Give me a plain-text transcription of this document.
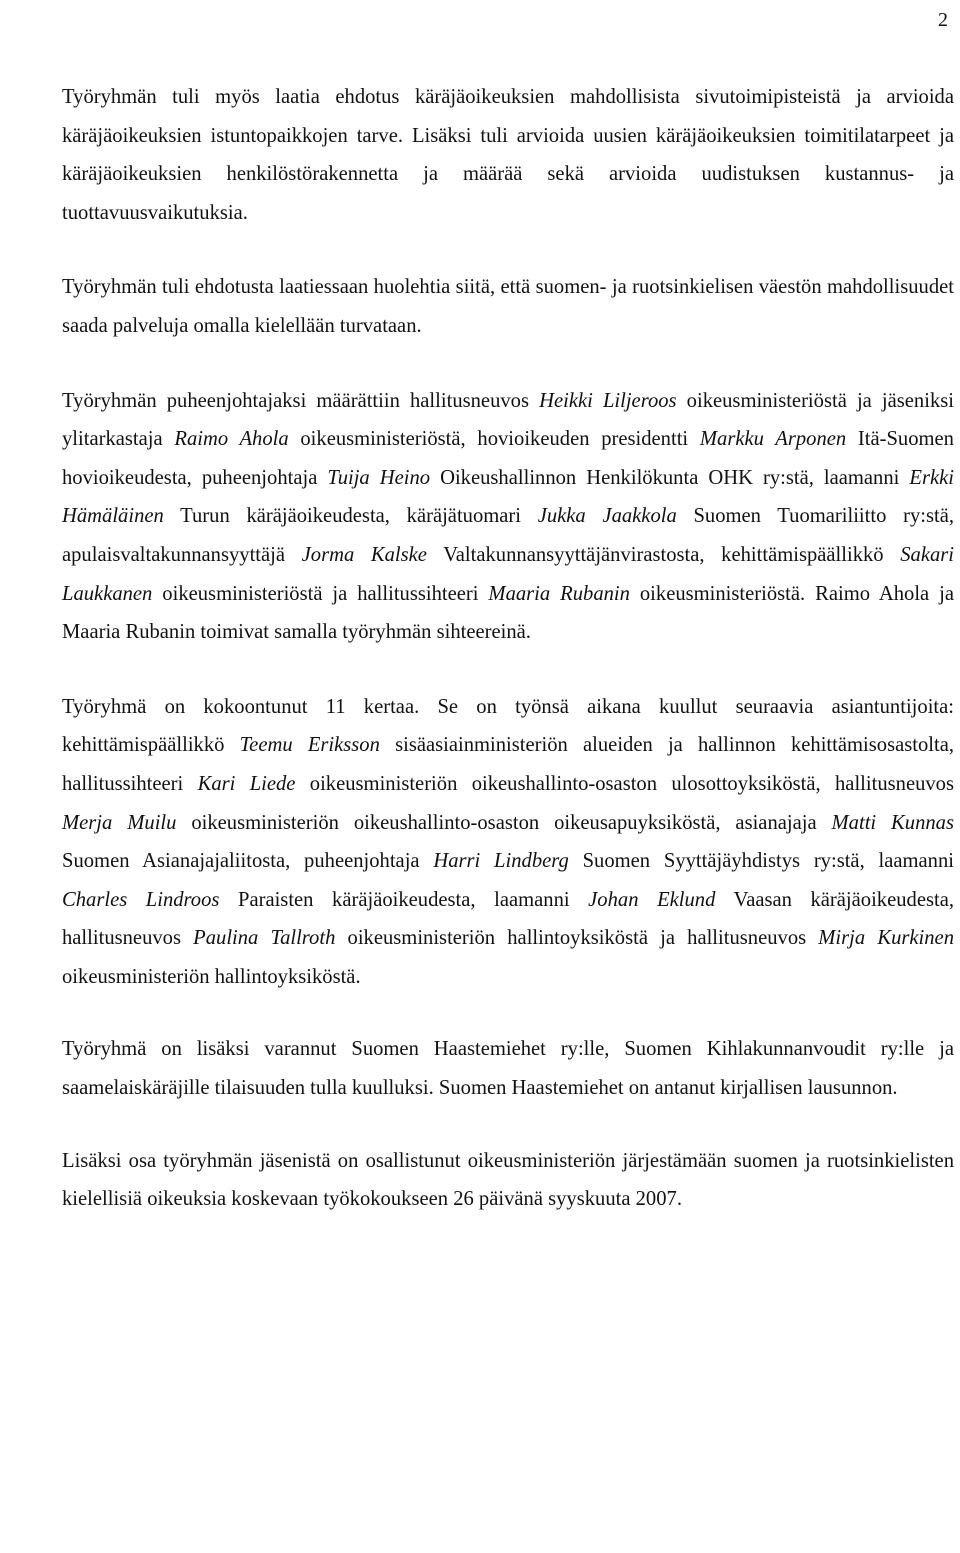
2

Työryhmän tuli myös laatia ehdotus käräjäoikeuksien mahdollisista sivutoimipisteistä ja arvioida käräjäoikeuksien istuntopaikkojen tarve. Lisäksi tuli arvioida uusien käräjäoikeuksien toimitilatarpeet ja käräjäoikeuksien henkilöstörakennetta ja määrää sekä arvioida uudistuksen kustannus- ja tuottavuusvaikutuksia.

Työryhmän tuli ehdotusta laatiessaan huolehtia siitä, että suomen- ja ruotsinkielisen väestön mahdollisuudet saada palveluja omalla kielellään turvataan.

Työryhmän puheenjohtajaksi määrättiin hallitusneuvos Heikki Liljeroos oikeusministeriöstä ja jäseniksi ylitarkastaja Raimo Ahola oikeusministeriöstä, hovioikeuden presidentti Markku Arponen Itä-Suomen hovioikeudesta, puheenjohtaja Tuija Heino Oikeushallinnon Henkilökunta OHK ry:stä, laamanni Erkki Hämäläinen Turun käräjäoikeudesta, käräjätuomari Jukka Jaakkola Suomen Tuomariliitto ry:stä, apulaisvaltakunnansyyttäjä Jorma Kalske Valtakunnansyyttäjänvirastosta, kehittämispäällikkö Sakari Laukkanen oikeusministeriöstä ja hallitussihteeri Maaria Rubanin oikeusministeriöstä. Raimo Ahola ja Maaria Rubanin toimivat samalla työryhmän sihteereinä.

Työryhmä on kokoontunut 11 kertaa. Se on työnsä aikana kuullut seuraavia asiantuntijoita: kehittämispäällikkö Teemu Eriksson sisäasiainministeriön alueiden ja hallinnon kehittämisosastolta, hallitussihteeri Kari Liede oikeusministeriön oikeushallinto-osaston ulosottoyksiköstä, hallitusneuvos Merja Muilu oikeusministeriön oikeushallinto-osaston oikeusapuyksiköstä, asianajaja Matti Kunnas Suomen Asianajajaliitosta, puheenjohtaja Harri Lindberg Suomen Syyttäjäyhdistys ry:stä, laamanni Charles Lindroos Paraisten käräjäoikeudesta, laamanni Johan Eklund Vaasan käräjäoikeudesta, hallitusneuvos Paulina Tallroth oikeusministeriön hallintoyksiköstä ja hallitusneuvos Mirja Kurkinen oikeusministeriön hallintoyksiköstä.

Työryhmä on lisäksi varannut Suomen Haastemiehet ry:lle, Suomen Kihlakunnanvoudit ry:lle ja saamelaiskäräjille tilaisuuden tulla kuulluksi. Suomen Haastemiehet on antanut kirjallisen lausunnon.

Lisäksi osa työryhmän jäsenistä on osallistunut oikeusministeriön järjestämään suomen ja ruotsinkielisten kielellisiä oikeuksia koskevaan työkokoukseen 26 päivänä syyskuuta 2007.
